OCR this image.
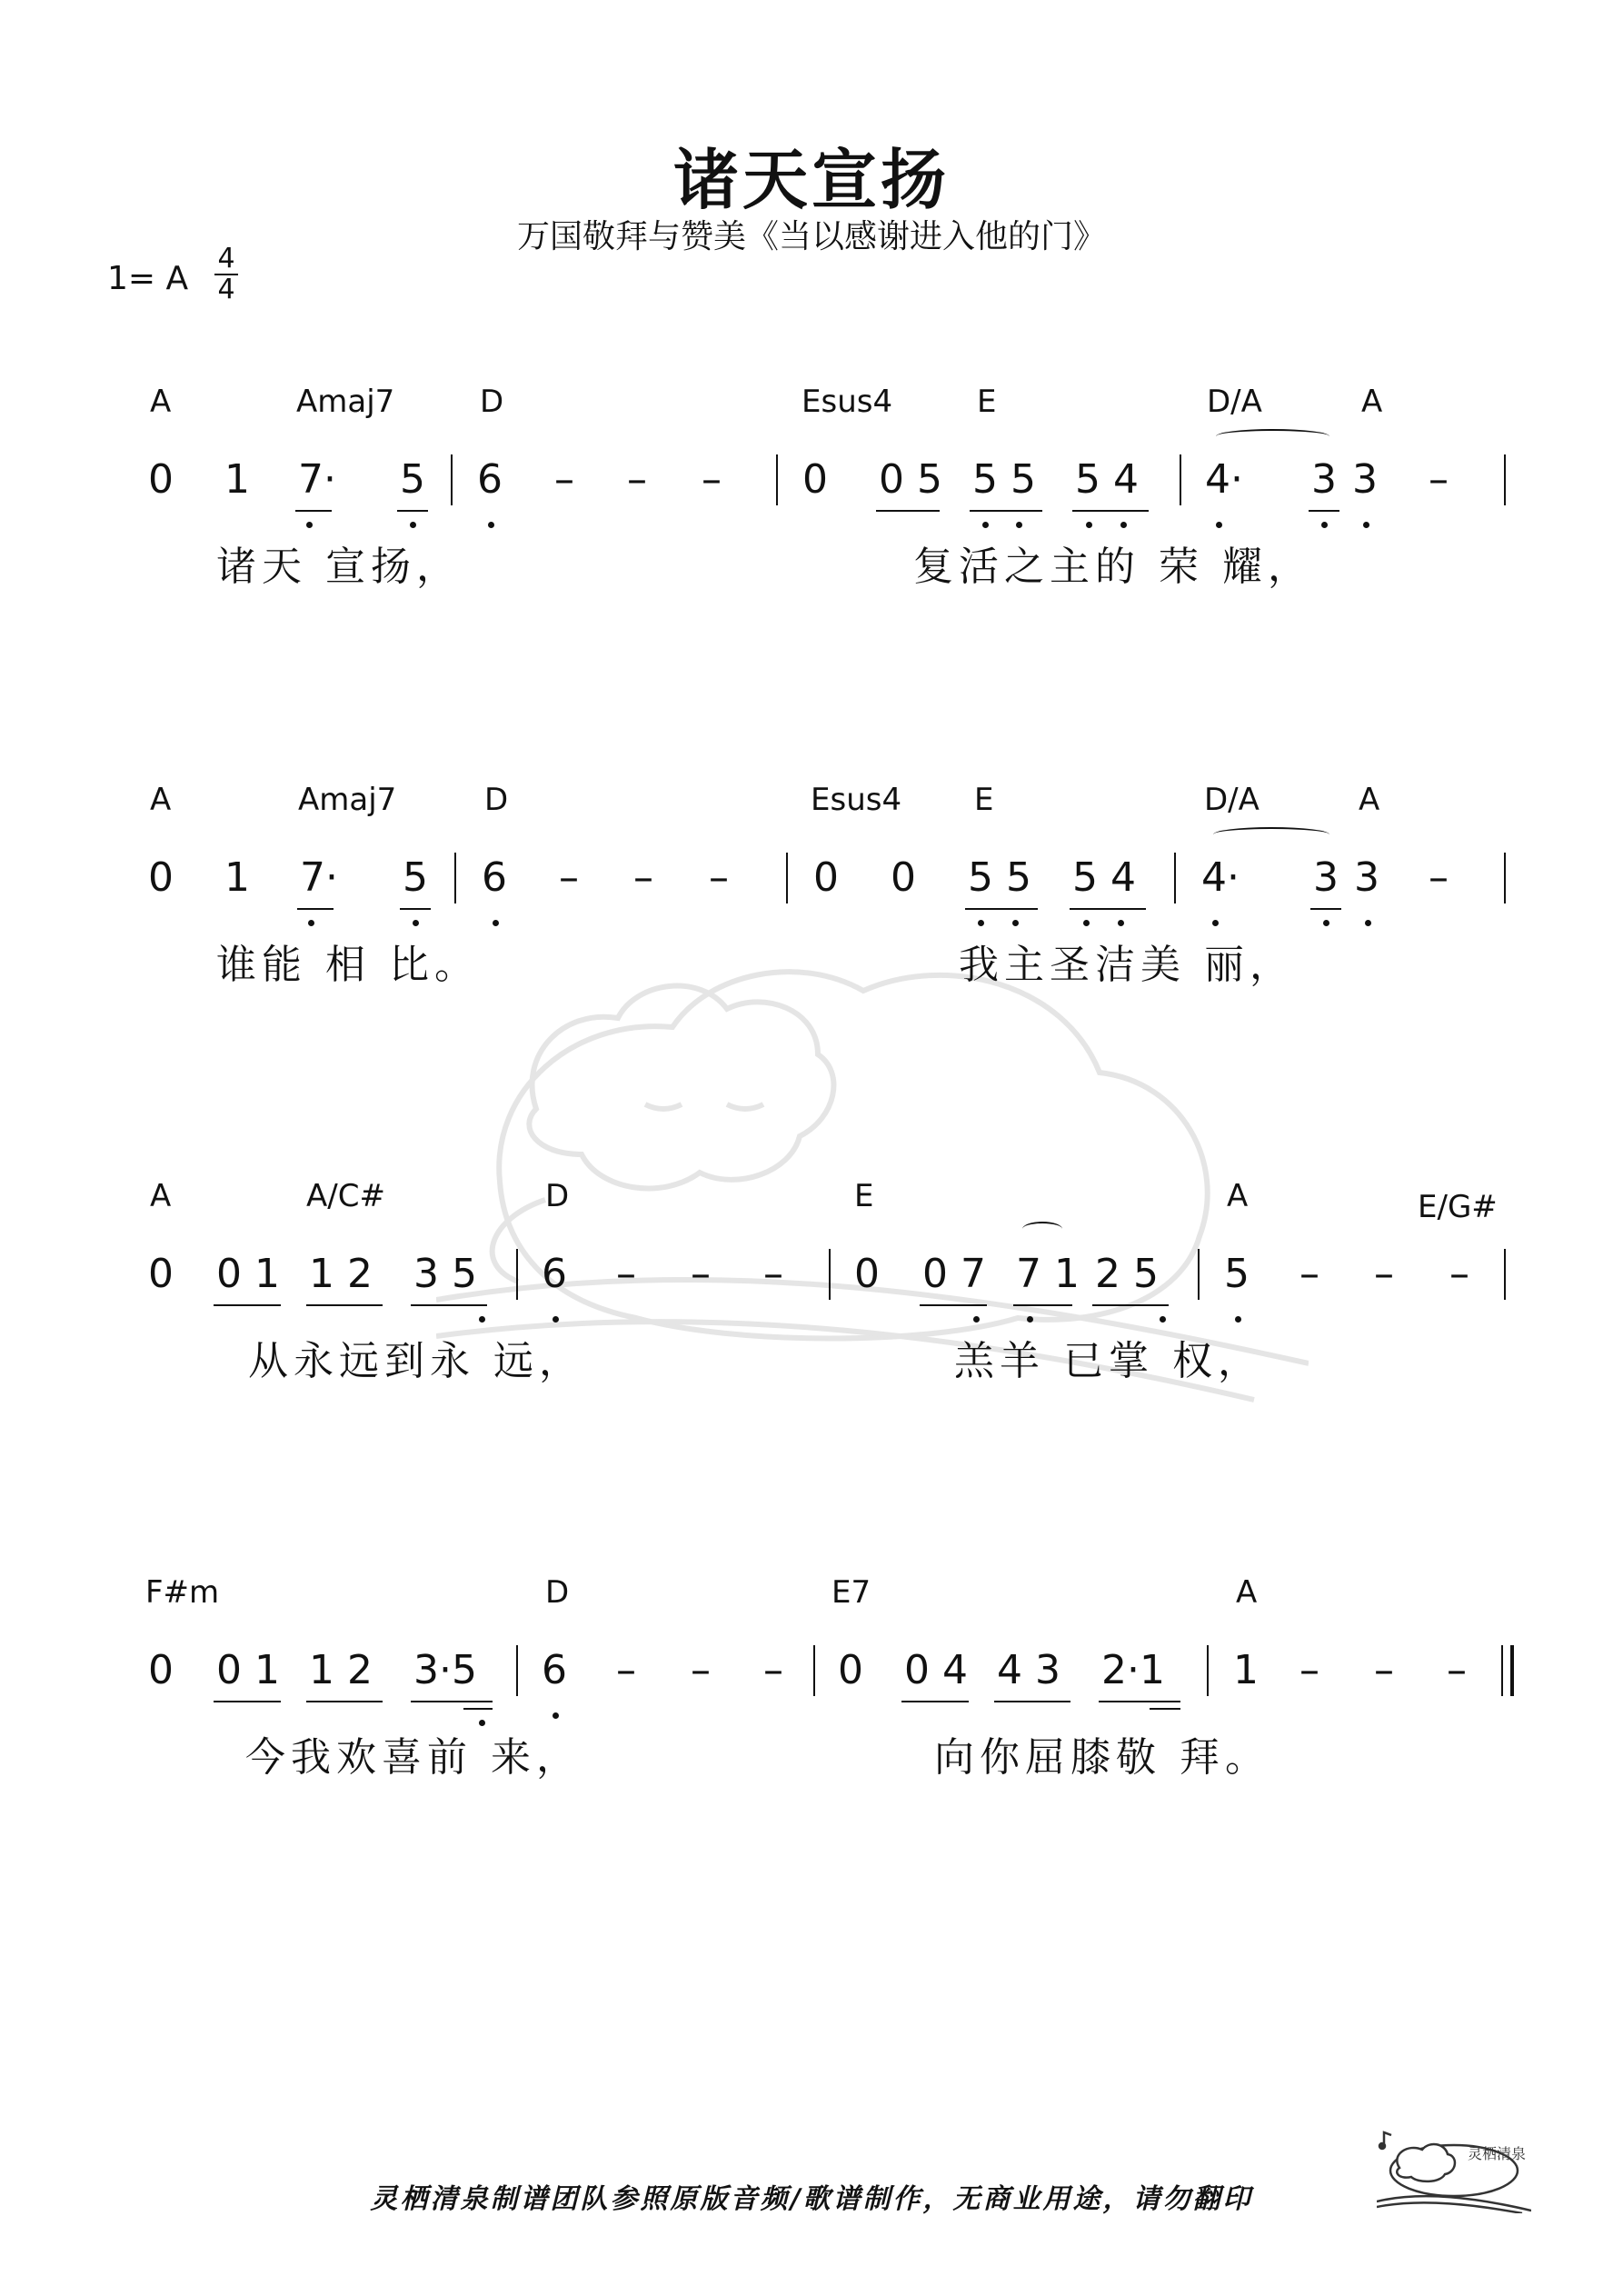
诸天宣扬
万国敬拜与赞美《当以感谢进入他的门》
1= A
4
4
A	Amaj7	D	Esus4	E	D/A	A
0 1 7· 5 6 – – – 0 0 5 5 5 5 4 4· 3 3 –
诸天 宣扬，	复活之主的 荣 耀，
A	Amaj7	D	Esus4 E	D/A	A
0 1 7· 5 6 – – – 0 0 5 5 5 4 4· 3 3 –
谁能 相 比。	我主圣洁美 丽，
A	A/C#	D	E	A	E/G#
0 0 1 1 2 3 5 6 – – – 0 0 7 7 1 2 5 5 – – –
从永远到永 远，	羔羊 已掌 权，
F#m	D	E7	A
0 0 1 1 2 3·5 6 – – – 0 0 4 4 3 2·1 1 – – –
今我欢喜前 来，	向你屈膝敬 拜。
灵栖清泉
灵栖清泉制谱团队参照原版音频/歌谱制作，无商业用途，请勿翻印
